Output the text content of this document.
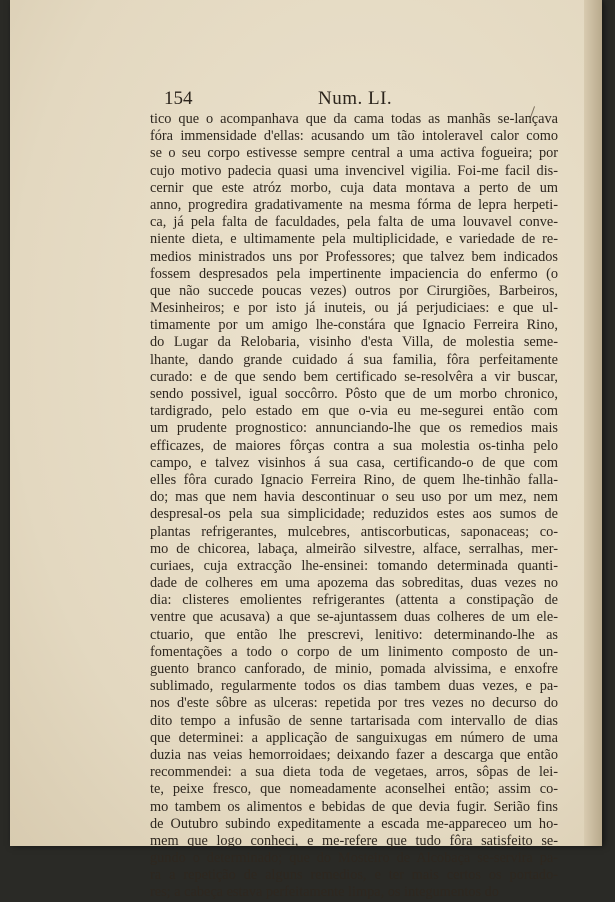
154	Num. LI.
tico que o acompanhava que da cama todas as manhãs se-lançava
fóra immensidade d'ellas: acusando um tão intoleravel calor como
se o seu corpo estivesse sempre central a uma activa fogueira; por
cujo motivo padecia quasi uma invencivel vigilia. Foi-me facil dis-
cernir que este atróz morbo, cuja data montava a perto de um
anno, progredira gradativamente na mesma fórma de lepra herpeti-
ca, já pela falta de faculdades, pela falta de uma louvavel conve-
niente dieta, e ultimamente pela multiplicidade, e variedade de re-
medios ministrados uns por Professores; que talvez bem indicados
fossem despresados pela impertinente impaciencia do enfermo (o
que não succede poucas vezes) outros por Cirurgiões, Barbeiros,
Mesinheiros; e por isto já inuteis, ou já perjudiciaes: e que ul-
timamente por um amigo lhe-constára que Ignacio Ferreira Rino,
do Lugar da Relobaria, visinho d'esta Villa, de molestia seme-
lhante, dando grande cuidado á sua familia, fôra perfeitamente
curado: e de que sendo bem certificado se-resolvêra a vir buscar,
sendo possivel, igual soccôrro. Pôsto que de um morbo chronico,
tardigrado, pelo estado em que o-via eu me-segurei então com
um prudente prognostico: annunciando-lhe que os remedios mais
efficazes, de maiores fôrças contra a sua molestia os-tinha pelo
campo, e talvez visinhos á sua casa, certificando-o de que com
elles fôra curado Ignacio Ferreira Rino, de quem lhe-tinhão falla-
do; mas que nem havia descontinuar o seu uso por um mez, nem
despresal-os pela sua simplicidade; reduzidos estes aos sumos de
plantas refrigerantes, mulcebres, antiscorbuticas, saponaceas; co-
mo de chicorea, labaça, almeirão silvestre, alface, serralhas, mer-
curiaes, cuja extracção lhe-ensinei: tomando determinada quanti-
dade de colheres em uma apozema das sobreditas, duas vezes no
dia: clisteres emolientes refrigerantes (attenta a constipação de
ventre que acusava) a que se-ajuntassem duas colheres de um ele-
ctuario, que então lhe prescrevi, lenitivo: determinando-lhe as
fomentações a todo o corpo de um linimento composto de un-
guento branco canforado, de minio, pomada alvissima, e enxofre
sublimado, regularmente todos os dias tambem duas vezes, e pa-
nos d'este sôbre as ulceras: repetida por tres vezes no decurso do
dito tempo a infusão de senne tartarisada com intervallo de dias
que determinei: a applicação de sanguixugas em número de uma
duzia nas veias hemorroidaes; deixando fazer a descarga que então
recommendei: a sua dieta toda de vegetaes, arros, sôpas de lei-
te, peixe fresco, que nomeadamente aconselhei então; assim co-
mo tambem os alimentos e bebidas de que devia fugir. Serião fins
de Outubro subindo expeditamente a escada me-appareceo um ho-
mem que logo conheci, e me-refere que tudo fôra satisfeito se-
gundo o determinado; que do Mosteiro de Alcobaça se-servira pa-
ra a repetição de alguns remedios, e ter mais certos os portado-
res; a cabeça estava perfeitamente limpa, os integumentos do
